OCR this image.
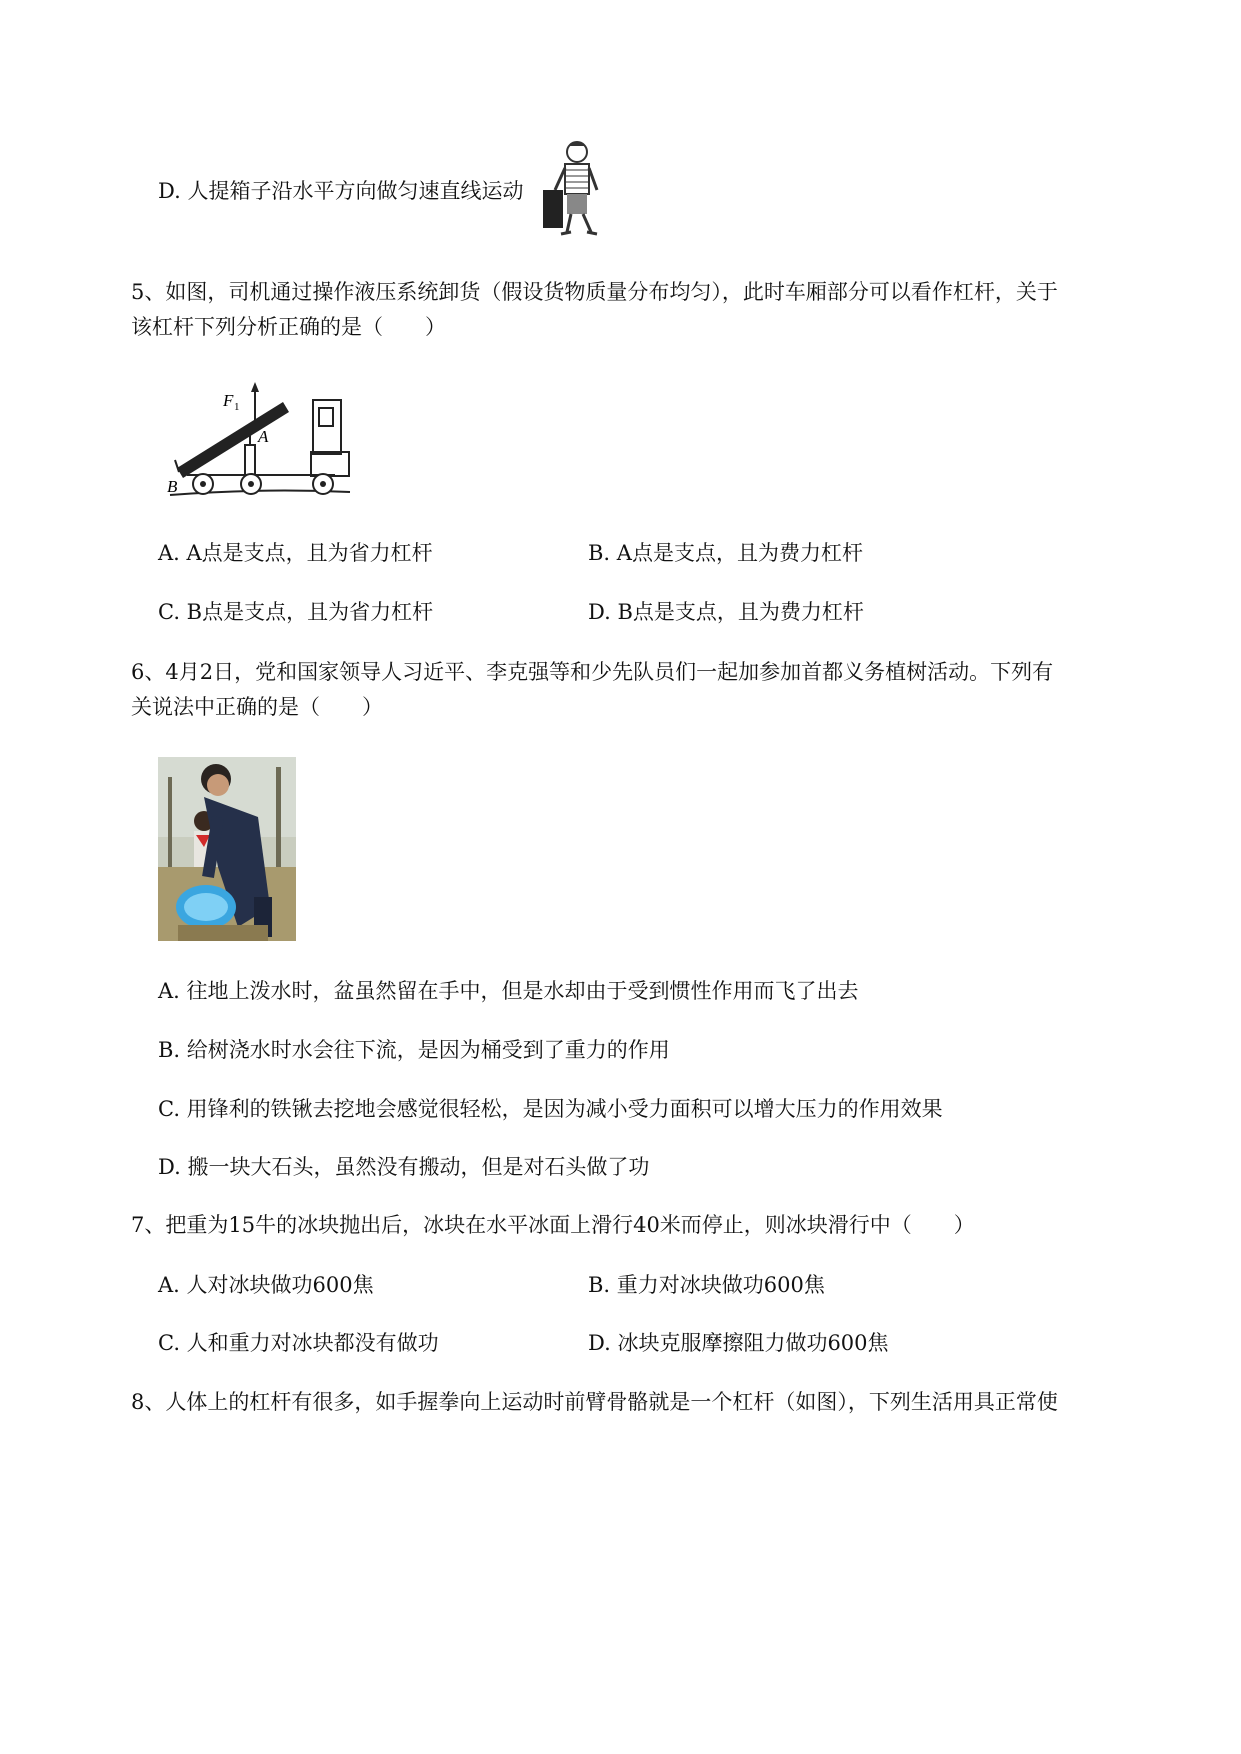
D. 人提箱子沿水平方向做匀速直线运动
5、如图，司机通过操作液压系统卸货（假设货物质量分布均匀），此时车厢部分可以看作杠杆，关于
该杠杆下列分析正确的是（　　）
F 1
A
B
A. A点是支点，且为省力杠杆	B. A点是支点，且为费力杠杆
C. B点是支点，且为省力杠杆	D. B点是支点，且为费力杠杆
6、4月2日，党和国家领导人习近平、李克强等和少先队员们一起加参加首都义务植树活动。下列有
关说法中正确的是（　　）
A. 往地上泼水时，盆虽然留在手中，但是水却由于受到惯性作用而飞了出去
B. 给树浇水时水会往下流，是因为桶受到了重力的作用
C. 用锋利的铁锹去挖地会感觉很轻松，是因为减小受力面积可以增大压力的作用效果
D. 搬一块大石头，虽然没有搬动，但是对石头做了功
7、把重为15牛的冰块抛出后，冰块在水平冰面上滑行40米而停止，则冰块滑行中（　　）
A. 人对冰块做功600焦	B. 重力对冰块做功600焦
C. 人和重力对冰块都没有做功	D. 冰块克服摩擦阻力做功600焦
8、人体上的杠杆有很多，如手握拳向上运动时前臂骨骼就是一个杠杆（如图），下列生活用具正常使
